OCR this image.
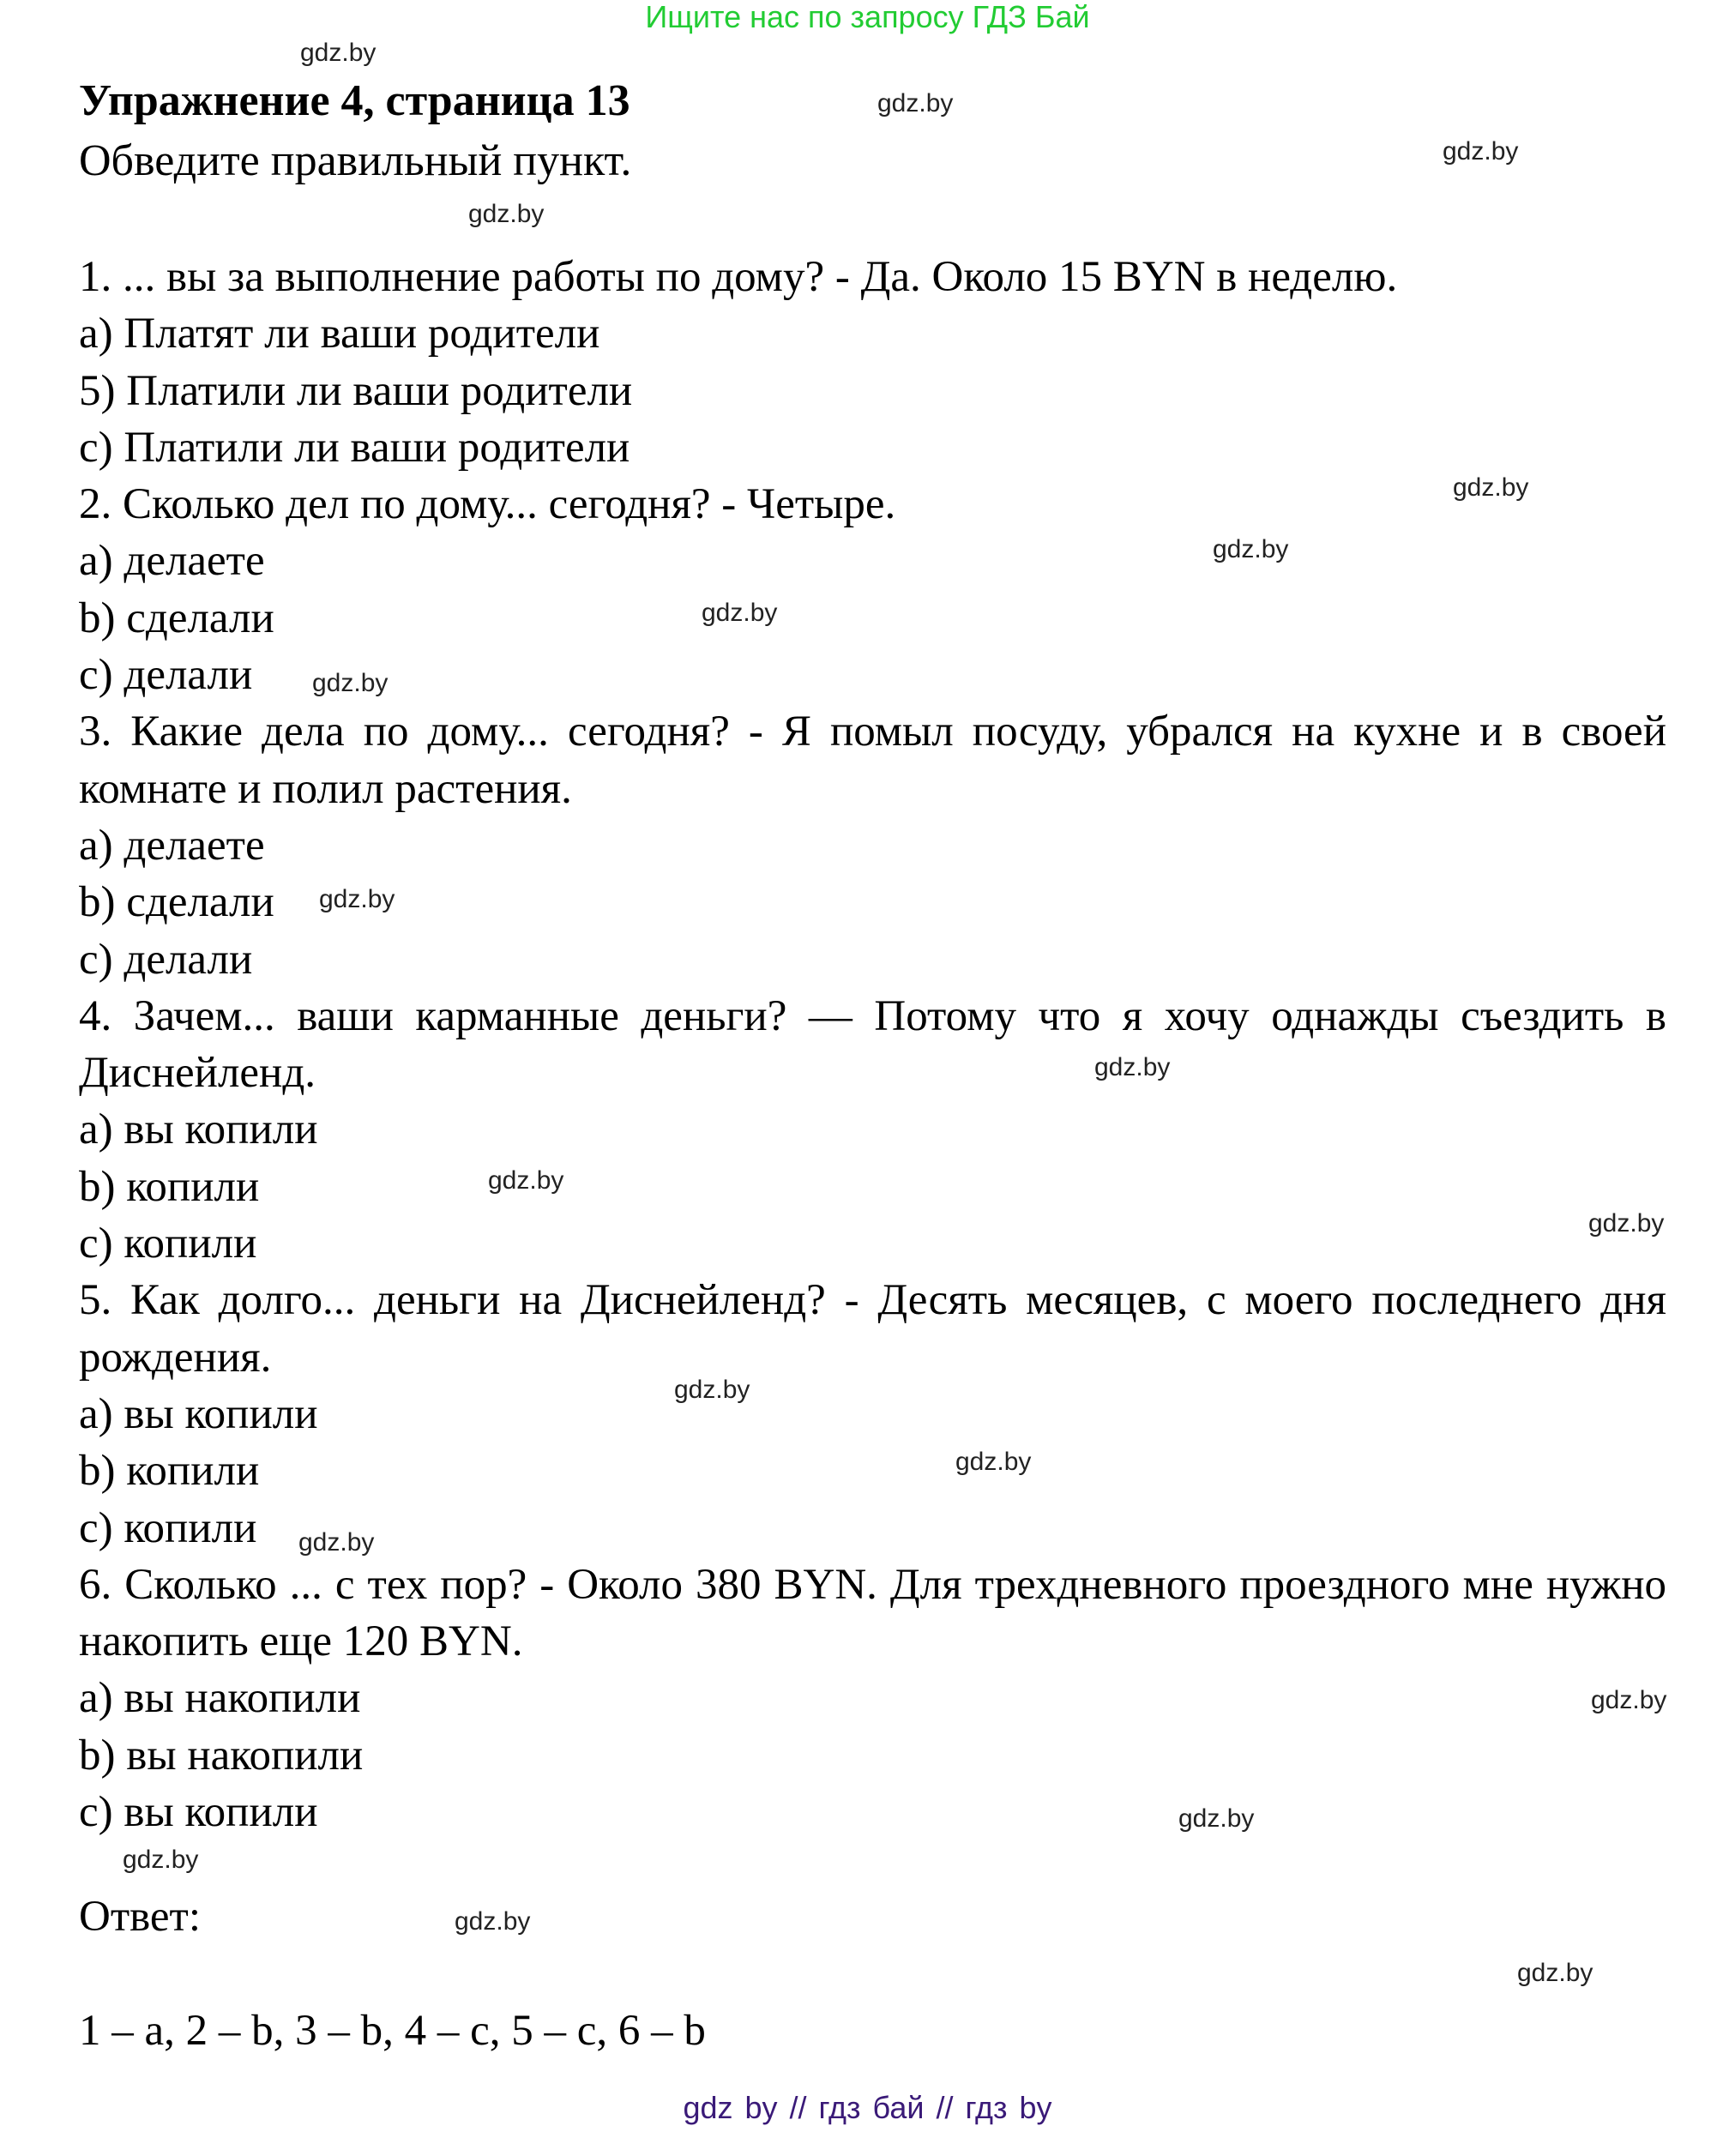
Ищите нас по запросу ГДЗ Бай
Упражнение 4, страница 13
Обведите правильный пункт.
1. ... вы за выполнение работы по дому? - Да. Около 15 BYN в неделю.
а) Платят ли ваши родители
5) Платили ли ваши родители
с) Платили ли ваши родители
2. Сколько дел по дому... сегодня? - Четыре.
а) делаете
b) сделали
с) делали
3. Какие дела по дому... сегодня? - Я помыл посуду, убрался на кухне и в своей комнате и полил растения.
а) делаете
b) сделали
с) делали
4. Зачем... ваши карманные деньги? — Потому что я хочу однажды съездить в Диснейленд.
а) вы копили
b) копили
с) копили
5. Как долго... деньги на Диснейленд? - Десять месяцев, с моего последнего дня рождения.
а) вы копили
b) копили
с) копили
6. Сколько ... с тех пор? - Около 380 BYN. Для трехдневного проездного мне нужно накопить еще 120 BYN.
а) вы накопили
b) вы накопили
с) вы копили
Ответ:
1 – a, 2 – b, 3 – b, 4 – c, 5 – c, 6 – b
gdz.by
gdz.by
gdz.by
gdz.by
gdz.by
gdz.by
gdz.by
gdz.by
gdz.by
gdz.by
gdz.by
gdz.by
gdz.by
gdz.by
gdz.by
gdz.by
gdz.by
gdz.by
gdz.by
gdz.by
gdz by // гдз бай // гдз by
